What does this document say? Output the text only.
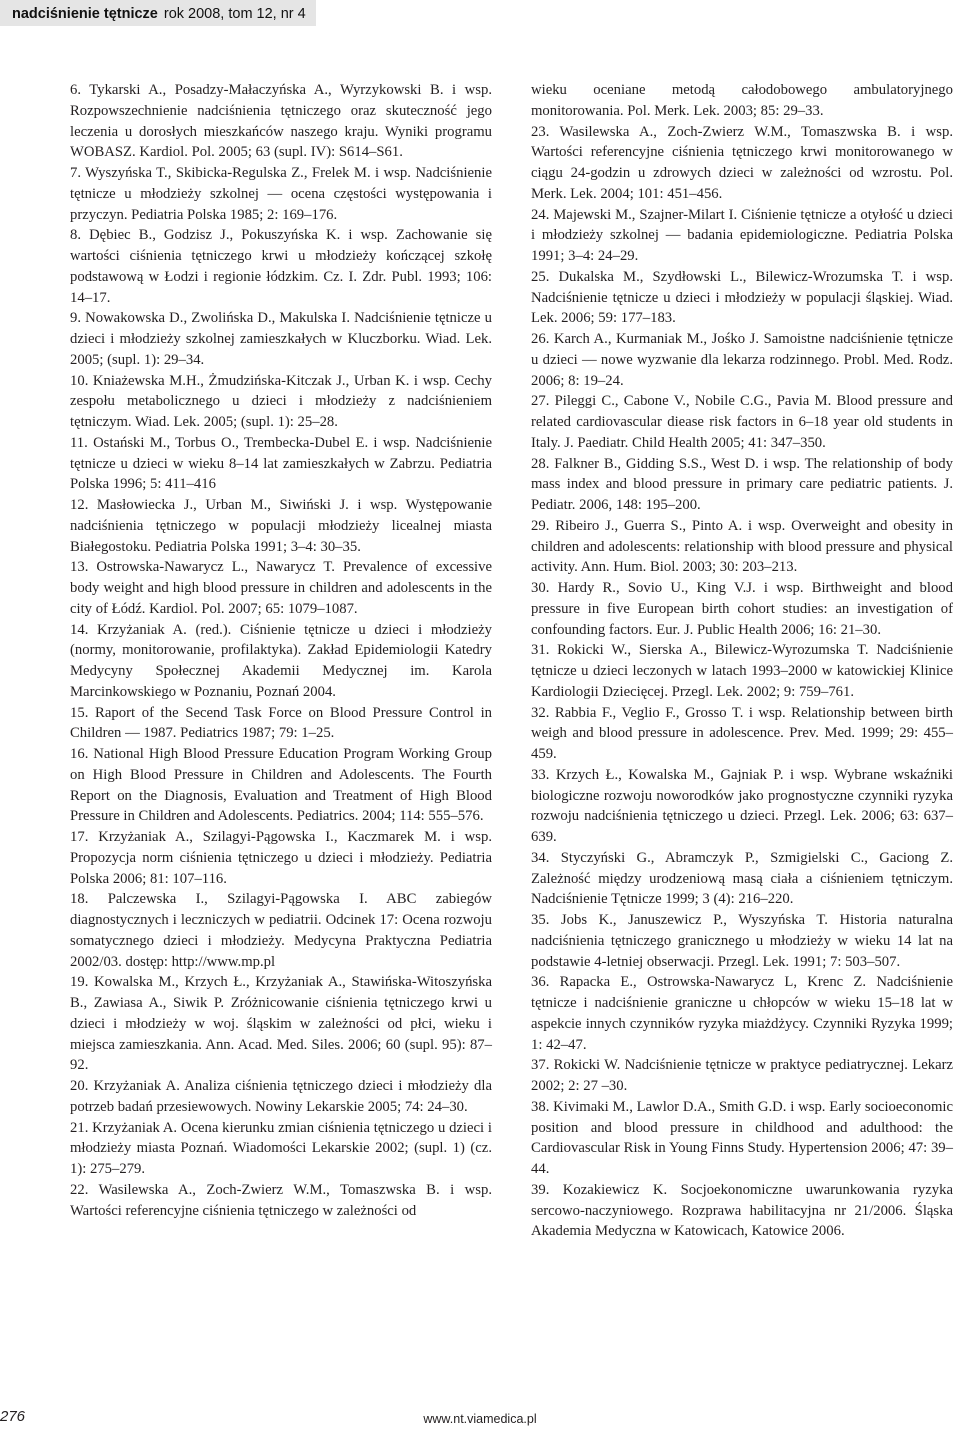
nadciśnienie tętnicze rok 2008, tom 12, nr 4

6. Tykarski A., Posadzy-Małaczyńska A., Wyrzykowski B. i wsp. Rozpowszechnienie nadciśnienia tętniczego oraz skuteczność jego leczenia u dorosłych mieszkańców naszego kraju. Wyniki programu WOBASZ. Kardiol. Pol. 2005; 63 (supl. IV): S614–S61.

7. Wyszyńska T., Skibicka-Regulska Z., Frelek M. i wsp. Nadciśnienie tętnicze u młodzieży szkolnej — ocena częstości występowania i przyczyn. Pediatria Polska 1985; 2: 169–176.

8. Dębiec B., Godzisz J., Pokuszyńska K. i wsp. Zachowanie się wartości ciśnienia tętniczego krwi u młodzieży kończącej szkołę podstawową w Łodzi i regionie łódzkim. Cz. I. Zdr. Publ. 1993; 106: 14–17.

9. Nowakowska D., Zwolińska D., Makulska I. Nadciśnienie tętnicze u dzieci i młodzieży szkolnej zamieszkałych w Kluczborku. Wiad. Lek. 2005; (supl. 1): 29–34.

10. Kniażewska M.H., Żmudzińska-Kitczak J., Urban K. i wsp. Cechy zespołu metabolicznego u dzieci i młodzieży z nadciśnieniem tętniczym. Wiad. Lek. 2005; (supl. 1): 25–28.

11. Ostański M., Torbus O., Trembecka-Dubel E. i wsp. Nadciśnienie tętnicze u dzieci w wieku 8–14 lat zamieszkałych w Zabrzu. Pediatria Polska 1996; 5: 411–416

12. Masłowiecka J., Urban M., Siwiński J. i wsp. Występowanie nadciśnienia tętniczego w populacji młodzieży licealnej miasta Białegostoku. Pediatria Polska 1991; 3–4: 30–35.

13. Ostrowska-Nawarycz L., Nawarycz T. Prevalence of excessive body weight and high blood pressure in children and adolescents in the city of Łódź. Kardiol. Pol. 2007; 65: 1079–1087.

14. Krzyżaniak A. (red.). Ciśnienie tętnicze u dzieci i młodzieży (normy, monitorowanie, profilaktyka). Zakład Epidemiologii Katedry Medycyny Społecznej Akademii Medycznej im. Karola Marcinkowskiego w Poznaniu, Poznań 2004.

15. Raport of the Secend Task Force on Blood Pressure Control in Children — 1987. Pediatrics 1987; 79: 1–25.

16. National High Blood Pressure Education Program Working Group on High Blood Pressure in Children and Adolescents. The Fourth Report on the Diagnosis, Evaluation and Treatment of High Blood Pressure in Children and Adolescents. Pediatrics. 2004; 114: 555–576.

17. Krzyżaniak A., Szilagyi-Pągowska I., Kaczmarek M. i wsp. Propozycja norm ciśnienia tętniczego u dzieci i młodzieży. Pediatria Polska 2006; 81: 107–116.

18. Palczewska I., Szilagyi-Pągowska I. ABC zabiegów diagnostycznych i leczniczych w pediatrii. Odcinek 17: Ocena rozwoju somatycznego dzieci i młodzieży. Medycyna Praktyczna Pediatria 2002/03. dostęp: http://www.mp.pl

19. Kowalska M., Krzych Ł., Krzyżaniak A., Stawińska-Witoszyńska B., Zawiasa A., Siwik P. Zróżnicowanie ciśnienia tętniczego krwi u dzieci i młodzieży w woj. śląskim w zależności od płci, wieku i miejsca zamieszkania. Ann. Acad. Med. Siles. 2006; 60 (supl. 95): 87–92.

20. Krzyżaniak A. Analiza ciśnienia tętniczego dzieci i młodzieży dla potrzeb badań przesiewowych. Nowiny Lekarskie 2005; 74: 24–30.

21. Krzyżaniak A. Ocena kierunku zmian ciśnienia tętniczego u dzieci i młodzieży miasta Poznań. Wiadomości Lekarskie 2002; (supl. 1) (cz. 1): 275–279.

22. Wasilewska A., Zoch-Zwierz W.M., Tomaszwska B. i wsp. Wartości referencyjne ciśnienia tętniczego w zależności od

wieku oceniane metodą całodobowego ambulatoryjnego monitorowania. Pol. Merk. Lek. 2003; 85: 29–33.

23. Wasilewska A., Zoch-Zwierz W.M., Tomaszwska B. i wsp. Wartości referencyjne ciśnienia tętniczego krwi monitorowanego w ciągu 24-godzin u zdrowych dzieci w zależności od wzrostu. Pol. Merk. Lek. 2004; 101: 451–456.

24. Majewski M., Szajner-Milart I. Ciśnienie tętnicze a otyłość u dzieci i młodzieży szkolnej — badania epidemiologiczne. Pediatria Polska 1991; 3–4: 24–29.

25. Dukalska M., Szydłowski L., Bilewicz-Wrozumska T. i wsp. Nadciśnienie tętnicze u dzieci i młodzieży w populacji śląskiej. Wiad. Lek. 2006; 59: 177–183.

26. Karch A., Kurmaniak M., Jośko J. Samoistne nadciśnienie tętnicze u dzieci — nowe wyzwanie dla lekarza rodzinnego. Probl. Med. Rodz. 2006; 8: 19–24.

27. Pileggi C., Cabone V., Nobile C.G., Pavia M. Blood pressure and related cardiovascular diease risk factors in 6–18 year old students in Italy. J. Paediatr. Child Health 2005; 41: 347–350.

28. Falkner B., Gidding S.S., West D. i wsp. The relationship of body mass index and blood pressure in primary care pediatric patients. J. Pediatr. 2006, 148: 195–200.

29. Ribeiro J., Guerra S., Pinto A. i wsp. Overweight and obesity in children and adolescents: relationship with blood pressure and physical activity. Ann. Hum. Biol. 2003; 30: 203–213.

30. Hardy R., Sovio U., King V.J. i wsp. Birthweight and blood pressure in five European birth cohort studies: an investigation of confounding factors. Eur. J. Public Health 2006; 16: 21–30.

31. Rokicki W., Sierska A., Bilewicz-Wyrozumska T. Nadciśnienie tętnicze u dzieci leczonych w latach 1993–2000 w katowickiej Klinice Kardiologii Dziecięcej. Przegl. Lek. 2002; 9: 759–761.

32. Rabbia F., Veglio F., Grosso T. i wsp. Relationship between birth weigh and blood pressure in adolescence. Prev. Med. 1999; 29: 455–459.

33. Krzych Ł., Kowalska M., Gajniak P. i wsp. Wybrane wskaźniki biologiczne rozwoju noworodków jako prognostyczne czynniki ryzyka rozwoju nadciśnienia tętniczego u dzieci. Przegl. Lek. 2006; 63: 637–639.

34. Styczyński G., Abramczyk P., Szmigielski C., Gaciong Z. Zależność między urodzeniową masą ciała a ciśnieniem tętniczym. Nadciśnienie Tętnicze 1999; 3 (4): 216–220.

35. Jobs K., Januszewicz P., Wyszyńska T. Historia naturalna nadciśnienia tętniczego granicznego u młodzieży w wieku 14 lat na podstawie 4-letniej obserwacji. Przegl. Lek. 1991; 7: 503–507.

36. Rapacka E., Ostrowska-Nawarycz L, Krenc Z. Nadciśnienie tętnicze i nadciśnienie graniczne u chłopców w wieku 15–18 lat w aspekcie innych czynników ryzyka miażdżycy. Czynniki Ryzyka 1999; 1: 42–47.

37. Rokicki W. Nadciśnienie tętnicze w praktyce pediatrycznej. Lekarz 2002; 2: 27 –30.

38. Kivimaki M., Lawlor D.A., Smith G.D. i wsp. Early socioeconomic position and blood pressure in childhood and adulthood: the Cardiovascular Risk in Young Finns Study. Hypertension 2006; 47: 39–44.

39. Kozakiewicz K. Socjoekonomiczne uwarunkowania ryzyka sercowo-naczyniowego. Rozprawa habilitacyjna nr 21/2006. Śląska Akademia Medyczna w Katowicach, Katowice 2006.

276	www.nt.viamedica.pl
